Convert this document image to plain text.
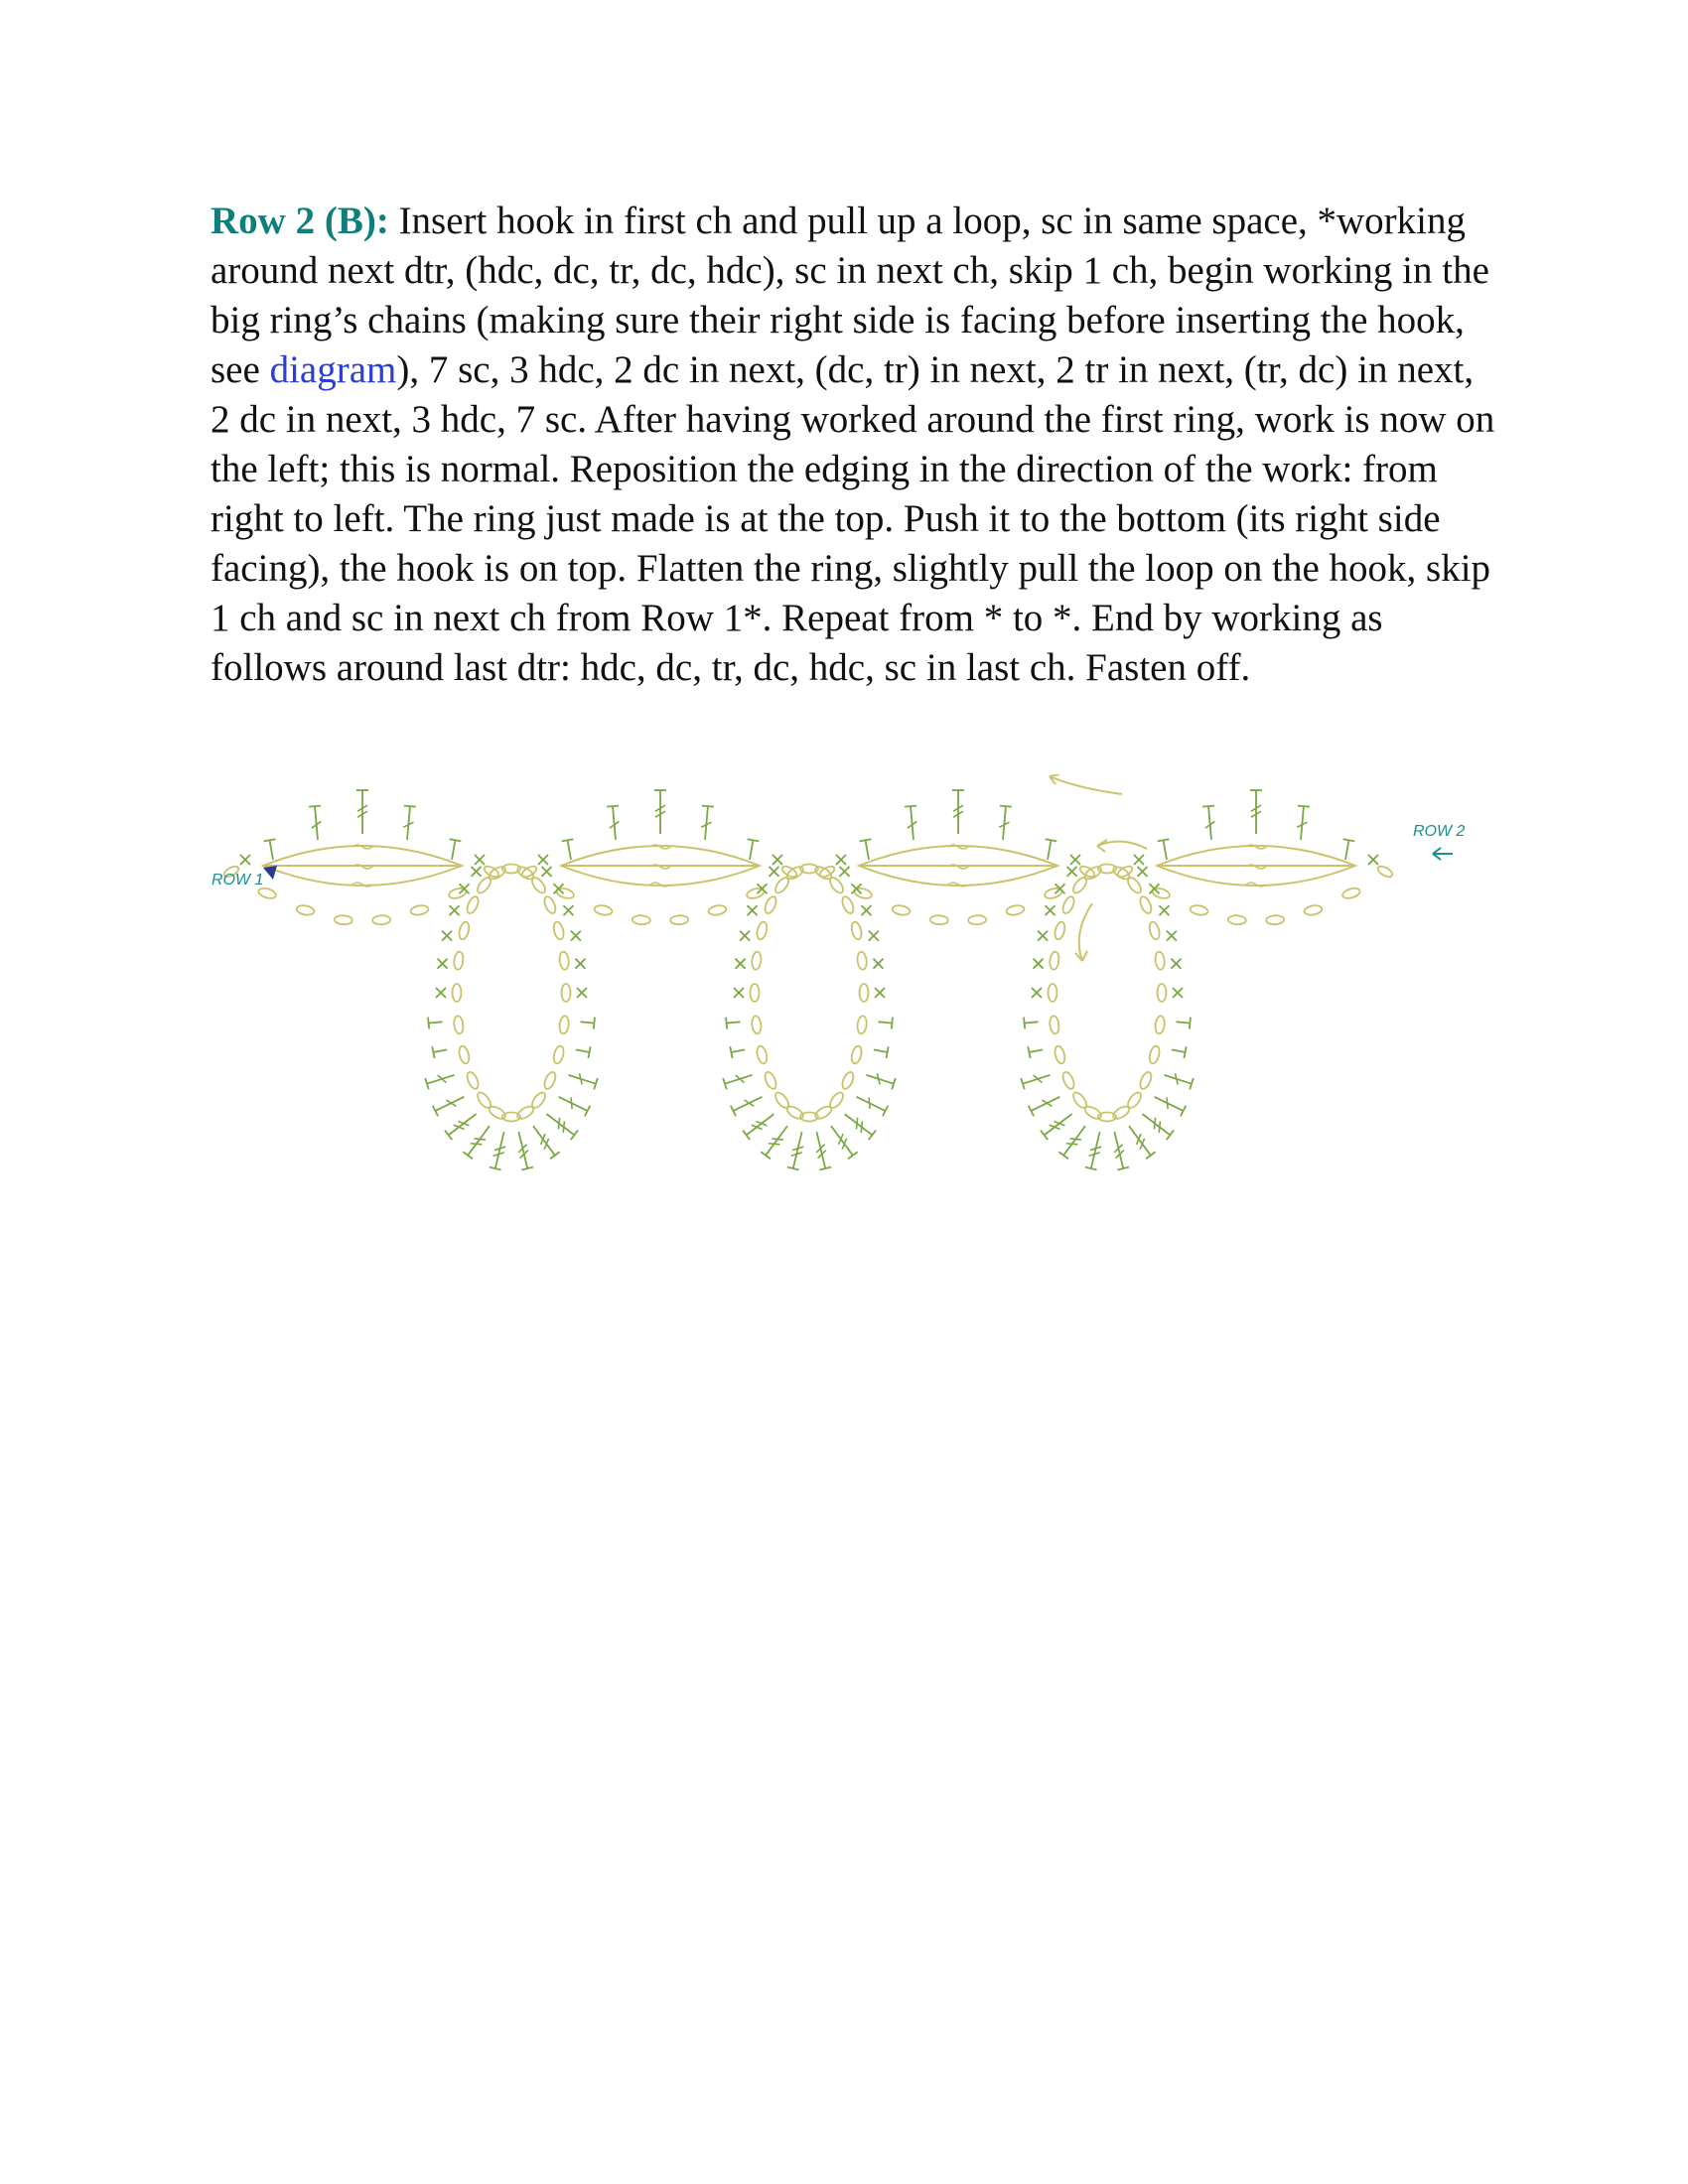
Row 2 (B): Insert hook in first ch and pull up a loop, sc in same space, *working around next dtr, (hdc, dc, tr, dc, hdc), sc in next ch, skip 1 ch, begin working in the big ring’s chains (making sure their right side is facing before inserting the hook, see diagram), 7 sc, 3 hdc, 2 dc in next, (dc, tr) in next, 2 tr in next, (tr, dc) in next, 2 dc in next, 3 hdc, 7 sc. After having worked around the first ring, work is now on the left; this is normal. Reposition the edging in the direction of the work: from right to left. The ring just made is at the top. Push it to the bottom (its right side facing), the hook is on top. Flatten the ring, slightly pull the loop on the hook, skip 1 ch and sc in next ch from Row 1*. Repeat from * to *. End by working as follows around last dtr: hdc, dc, tr, dc, hdc, sc in last ch. Fasten off.

ROW 1
ROW 2
